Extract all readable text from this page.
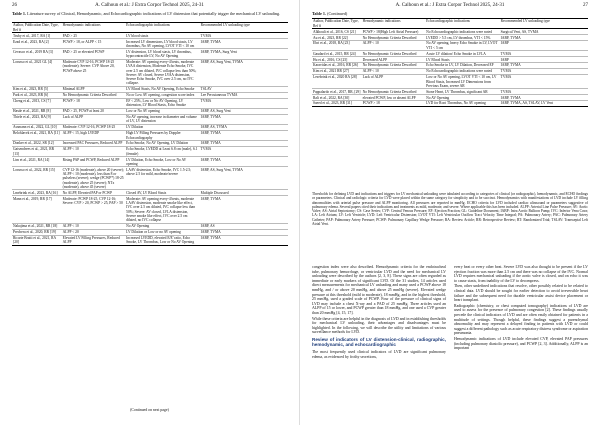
26	A. Calhoun et al.: J Extra Corpor Technol 2025, 24-31
Table 1. Literature survey of Clinical, Hemodynamic, and Echocardiographic indications of LV distension that potentially trigger the mechanical LV unloading.
Author, Publication Date, Type, Ref #	Hemodynamic indications	Echocardiographic indications	Recommended LV unloading type
Truby et al., 2017, RA [1]	PAD > 25	LV blood stasis	TVMA
Ezad et al., 2023, RA [2]	PCWP > 18, or ALPP < 15	Increased LV dimensions, LV blood stasis, LV thrombus, No AV opening, LVOT VTI < 10 cm	IABP, TVMA
Cevasco et al., 2019 RA [3]	PAD > 25 or elevated PCWP	LV distension, LV blood stasis, LV thrombus, hypocontractile LV, No AV Opening	IABP, TVMA, Surg Vent
Lorusso et al., 2021 GL [4]	Moderate CVP 12-16, PCWP 18-25 (moderate); Severe: CVP Above 20, PCWP above 25	Moderate: AV opening every-4 beats, moderate LVAA distension, Moderate Echo Smoke, IVC over 2.5 cm dilated, IVC collapse less than 50%; Severe: AV closed, Severe LVAA distension, Severe Echo Smoke, IVC over 2.5 cm, no IVC collapse.	IABP, AS, Surg Vent, TVMA
Kim et al., 2023, RR [5]	Minimal ALPP	LV Blood Stasis, No AV Opening, Echo Smoke	TSLAV
Park et al., 2023, RR [6]	No Hemodynamic Criteria Described	No or Low AV opening, congestion score index	Lee Percutaneous TVMA
Cheng et al., 2013, CS [7]	PCWP > 18	EF < 25%, Low or No AV Opening, LV distension, LV Blood Stasis, Echo Smoke	TVMA
Hasde et al., 2021, RR [8]	PAD > 25, PCWP at least 20	Low or No AV opening	IABP, AS, Surg Vent
Thiele et al., 2023, RA [9]	Lack of ALPP	No AV opening, increase in diameter and volume of LV, LV distension	IABP, TVMA
Assmann et al., 2022, GL [10]	Moderate: CVP 12-16, PCWP 18-25	LV Dilation	IABP, AS, TVMA
Belohlavek et al., 2021, RA [11]	ALPP < 15, high LVEDP	High LV Filling Pressures by Doppler Echocardiography	IABP, TVMA
Donker et al., 2022, SR [12]	Increased PAC Pressures, Reduced ALPP	Echo Smoke, No AV Opening, LV Dilation	IABP, TVMA
Gaisendrees et al., 2021, RR [13]	ALPP < 10	Echo Smoke, LVEDD at Least 6.8 cm (male), 6.1 (female)	TVMA
Lim et al., 2021, RA [14]	Rising PAP and PCWP, Reduced ALPP	LV Dilation, Echo Smoke, Low or No AV opening	IABP, TVMA
Lorusso et al., 2022, RR [15]	CVP 12-16 (moderate), above 20 (severe); ALPP < 10 (moderate), less than 8 or pulseless (severe); wedge (PCWP*) 18-25 (moderate), above 25 (severe); NTx (moderate), above 45 (severe)	LAAV distension, Echo Smoke, IVC 1.5-2.5; above 2.5 for mild, moderate/severe	IABP, AS, Surg Vent, TVMA
Lmebrink et al., 2023, RA [16]	No ALPP, Elevated PAP or PCWP	Closed AV, LV Blood Stasis	Multiple Discussed
Mann et al., 2019, RR [17]	Moderate: PCWP 18-25, CVP 12-16; Severe: CVP > 20, PCWP > 25, PAP > 50	Moderate: AV opening every-4 beats, moderate LAAV distension, moderate smoke like effect, IVC over 2.5 cm dilated, IVC collapse less than 50%; Severe: AV closed, LVLA distension, Severe smoke like effect, IVC over 2.5 cm dilated, no IVC collapse	IABP, TVMA
Nakajima et al., 2021, RR [18]	ALPP < 10	No AV Opening	IABP, AS
Prechera et al., 2020, RR [19]	ALPP < 20	LV Dilation or Low or no AV opening	IABP, TVMA
Ricarte Bratti et al., 2021, RA [20]	Elevated LV Filling Pressures, Reduced ALPP	Increased LVEDD, elevated E/E' ratio, Echo Smoke, LV Thrombus, Low or No AV Opening	IABP, TVMA
(Continued on next page)
A. Calhoun et al.: J Extra Corpor Technol 2025, 24-31	27
Table 1. (Continued)
Author, Publication Date, Type, Ref #	Hemodynamic indications	Echocardiographic indications	Recommended LV unloading type
Alkhouli et al., 2016, CS [21]	PCWP > 18(High Left Atrial Pressure)	No Echocardiographic indications were noted	Surgical Vent, AS, TVMA
Au et al., 2023, RR [22]	No Hemodynamic Criteria Described	LVEDD > 5.5 cm, LV thrombus, VTI < 15%	IABP, TVMA
Ebri et al., 2018, RA [23]	ALPP < 10	No AV opening, heavy Echo Smoke in LV, LVOT VTI < 5 cm	IABP
Gaudard et al., 2015, RR [24]	No Hemodynamic Criteria Described	Acute LV dilation/ Echo Smoke in LVLA	TVMA
Hu et al., 2016, CS [25]	Decreased ALPP	LV Blood Stasis	IABP
Karavidas et al., 2016, RR [26]	No Hemodynamic Criteria Described	Echo Smoke in LV, LV Dilation, Decreased EF	IABP, TVMA
Kim et al., 2021 RR [27]	ALPP < 10	No Echocardiographic indications were noted	TVMA
Lesebrink et al., 2020 RA [28]	Lack of ALPP	Low or No AV opening, LVOT VTI < 10 cm, LV Blood Stasis, Increased LV Dimensions from Previous Exam, severe AR	TVMA
Pappalardo et al., 2017, RR, [29]	No Hemodynamic Criteria Described	Stone Heart, LV Thrombus, significant AR	TVMA
Rali et al., 2022, RA [30]	elevated PCWP, low or absent ALPP	No AV Opening	IABP, TVMA
Saeed et al., 2023, RR [31]	PCWP > 18	LVD for Root Thrombus, No AV opening	IABP, TVMA, AS, TSLAV, LV Vent
Thresholds for defining LVD and indications and triggers for LV mechanical unloading were tabulated according to categories of clinical (or radiographic), hemodynamic, and ECHO findings or parameters. Clinical and radiologic criteria for LVD were placed within the same category for simplicity and to be succinct. Hemodynamics with manifestations of LVD include LV filling abnormalities with arterial pulse pressure and ALPP monitoring. All pressures are reported in mmHg. ECHO criteria for LVD included cardiac ultrasound or parameters suggestive of pulmonary edema. Several papers cited their indications and treatments as mild, moderate, and severe. Where applicable this has been included. ALPP: Arterial Line Pulse Pressure; AV: Aortic Valve; AS: Atrial Septostomy; CS: Case Series; CVP: Central Venous Pressure; EF: Ejection Fraction; GL: Guideline Document; IABP: Intra Aortic Balloon Pump; IVC: Inferior Vena Cava; LA: Left Atrium; LV: Left Ventricle; LVD: Left Ventricular Distension; LVOT VTI: Left Ventricular Outflow Tract Velocity Time Integral; PA: Pulmonary Artery; PAC: Pulmonary Artery Catheter; PAP: Pulmonary Artery Pressure; PCWP: Pulmonary Capillary Wedge Pressure; RA: Review Article; RR: Retrospective Review; RT: Randomized Trial; TSLAV: Transseptal Left Atrial Vent.

congestion index were also described. Hemodynamic criteria for the endotracheal tube, pulmonary hemorrhage, or ventricular LVD and the need for mechanical LV unloading were described by the authors [2, 3, 8]. These signs are often regarded as immediate or early markers of significant LVD. Of the 31 studies, 14 articles used direct measurements for mechanical LV unloading and many used a PCWP above 18 mmHg, and / or above 20 mmHg, and above 25 mmHg (severe). Elevated wedge pressure at this threshold (mild to moderate), 18 mmHg, and in the highest threshold, 25 mmHg, used a graded scale of PCWP. Four of the pressure of clinical signs of LVD may include a chest X-ray and a PAD of 25 mmHg. Three articles used an ALPP of 15 or lower, and PCWP greater than 18 mmHg, and one used a CVP greater than 20 mmHg [4, 15, 17].

While these criteria are helpful in the diagnosis of LVD and in establishing thresholds for mechanical LV unloading, their advantages and disadvantages must be highlighted. In the following, we will describe the utility and limitations of various surveillance methods for LVD.

Review of indicators of LV distension-clinical, radiographic, hemodynamic, and echocardiographic

The most frequently used clinical indicators of LVD are significant pulmonary edema, as evidenced by frothy secretions,

every beat or every other beat. Severe LVD was also thought to be present if the LV ejection fraction was more than 2.5 cm and there was no collapse of the IVC. Normal LVD requires mechanical unloading if the aortic valve is closed, and on echo it was to cause stasis, from inability of the LV to decompress.

Then, other undefined indications that resolve, other possibly related to be related to clinical data. LVD should be sought for earlier detection to avoid irreversible heart failure and the subsequent need for durable ventricular assist device placement or heart transplant.

Radiographic (chemistry, or chest computed tomography) indications of LVD are used to assess for the presence of pulmonary congestion [2]. These findings usually precede the clinical indicators of LVD and are often easily obtained for patients in a multitude of settings. Though helpful, these findings suggest a parenchymal abnormality and may represent a delayed finding in patients with LVD or could suggest a different pathology such as acute respiratory distress syndrome or aspiration pneumonia.

Hemodynamic indications of LVD include elevated CVP, elevated PAP pressures (including pulmonary diastolic pressure), and PCWP [2, 3]. Additionally, ALPP is an important
